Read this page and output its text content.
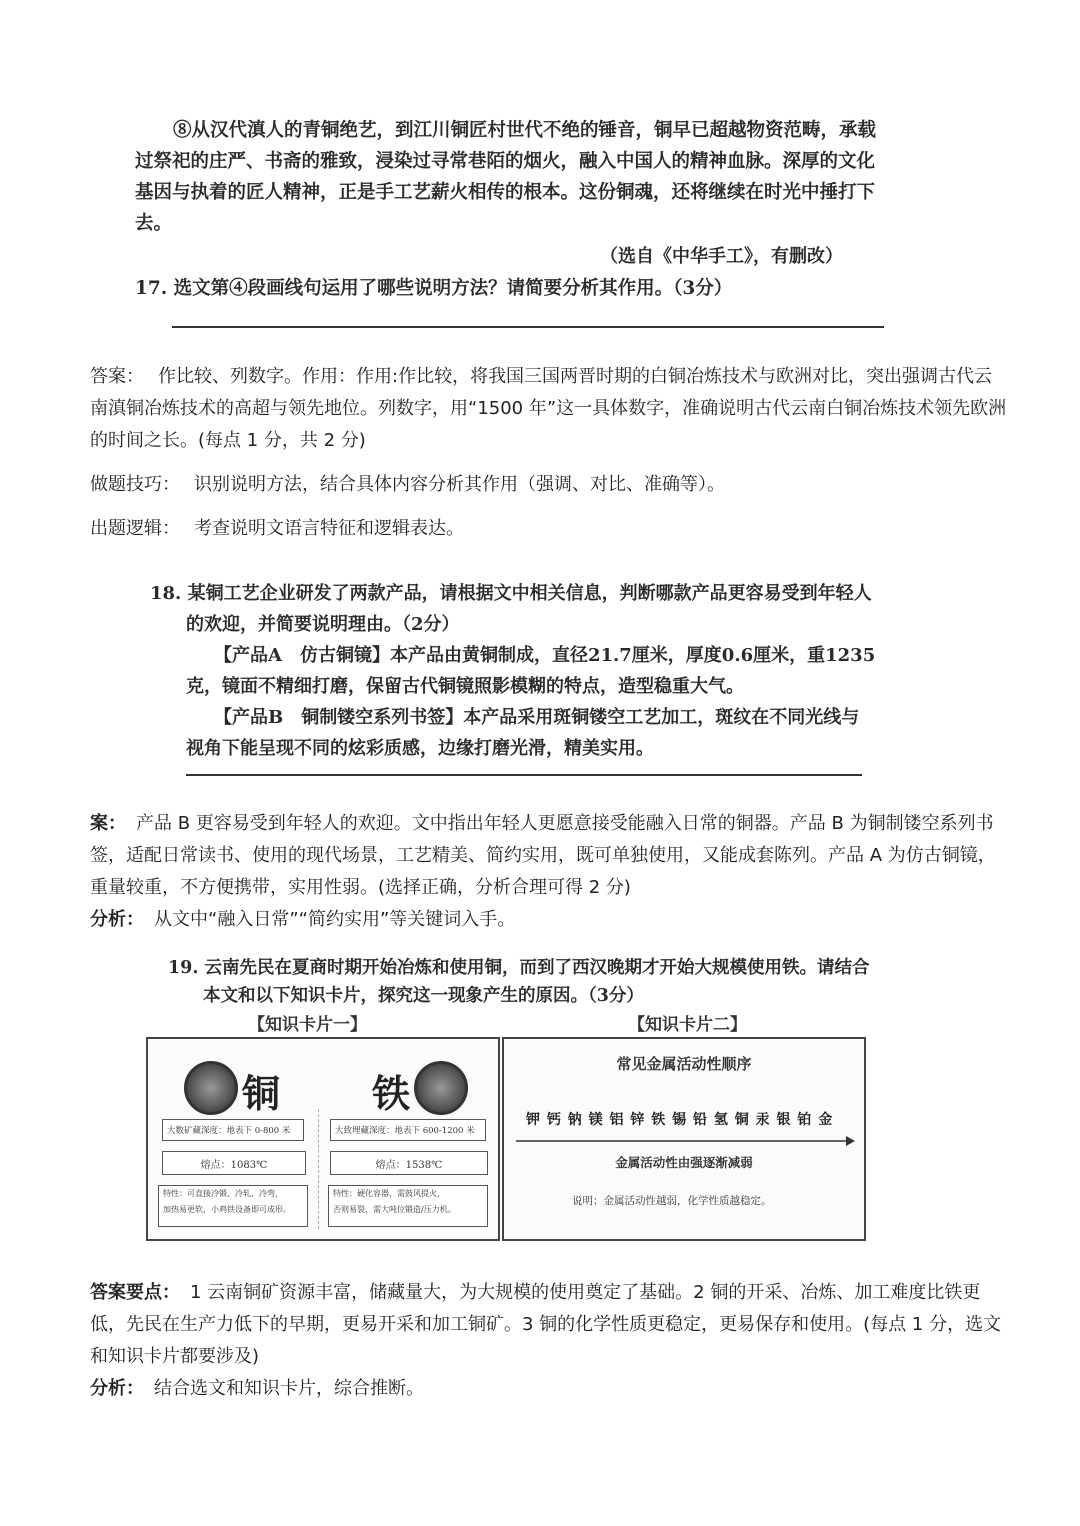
⑧从汉代滇人的青铜绝艺，到江川铜匠村世代不绝的锤音，铜早已超越物资范畴，承载

过祭祀的庄严、书斋的雅致，浸染过寻常巷陌的烟火，融入中国人的精神血脉。深厚的文化

基因与执着的匠人精神，正是手工艺薪火相传的根本。这份铜魂，还将继续在时光中捶打下

去。

（选自《中华手工》，有删改）
17. 选文第④段画线句运用了哪些说明方法？请简要分析其作用。（3分）

答案： 作比较、列数字。作用：作用:作比较，将我国三国两晋时期的白铜冶炼技术与欧洲对比，突出强调古代云南滇铜冶炼技术的高超与领先地位。列数字，用“1500 年”这一具体数字，准确说明古代云南白铜冶炼技术领先欧洲的时间之长。(每点 1 分，共 2 分)

做题技巧： 识别说明方法，结合具体内容分析其作用（强调、对比、准确等）。

出题逻辑： 考查说明文语言特征和逻辑表达。

18. 某铜工艺企业研发了两款产品，请根据文中相关信息，判断哪款产品更容易受到年轻人

的欢迎，并简要说明理由。（2分）

【产品A　仿古铜镜】本产品由黄铜制成，直径21.7厘米，厚度0.6厘米，重1235

克，镜面不精细打磨，保留古代铜镜照影模糊的特点，造型稳重大气。

【产品B　铜制镂空系列书签】本产品采用斑铜镂空工艺加工，斑纹在不同光线与

视角下能呈现不同的炫彩质感，边缘打磨光滑，精美实用。

案： 产品 B 更容易受到年轻人的欢迎。文中指出年轻人更愿意接受能融入日常的铜器。产品 B 为铜制镂空系列书签，适配日常读书、使用的现代场景，工艺精美、简约实用，既可单独使用，又能成套陈列。产品 A 为仿古铜镜，重量较重，不方便携带，实用性弱。(选择正确，分析合理可得 2 分)

分析： 从文中“融入日常”“简约实用”等关键词入手。

19. 云南先民在夏商时期开始冶炼和使用铜，而到了西汉晚期才开始大规模使用铁。请结合
本文和以下知识卡片，探究这一现象产生的原因。（3分）
【知识卡片一】	【知识卡片二】
铜 铁
大数矿藏深度：地表下 0-800 米
熔点：1083℃
特性：可直接冷锻、冷轧、冷弯，
加热易更软，小鸡铁设备即可成形。
大致埋藏深度：地表下 600-1200 米
熔点：1538℃
特性：硬化容器，需鼓风提火，
否则易裂，需大吨位锻造/压力机。
常见金属活动性顺序
钾 钙 钠 镁 铝 锌 铁 锡 铅 氢 铜 汞 银 铂 金
金属活动性由强逐渐减弱
说明：金属活动性越弱，化学性质越稳定。

答案要点： 1 云南铜矿资源丰富，储藏量大，为大规模的使用奠定了基础。2 铜的开采、冶炼、加工难度比铁更低，先民在生产力低下的早期，更易开采和加工铜矿。3 铜的化学性质更稳定，更易保存和使用。(每点 1 分，选文和知识卡片都要涉及)

分析： 结合选文和知识卡片，综合推断。
